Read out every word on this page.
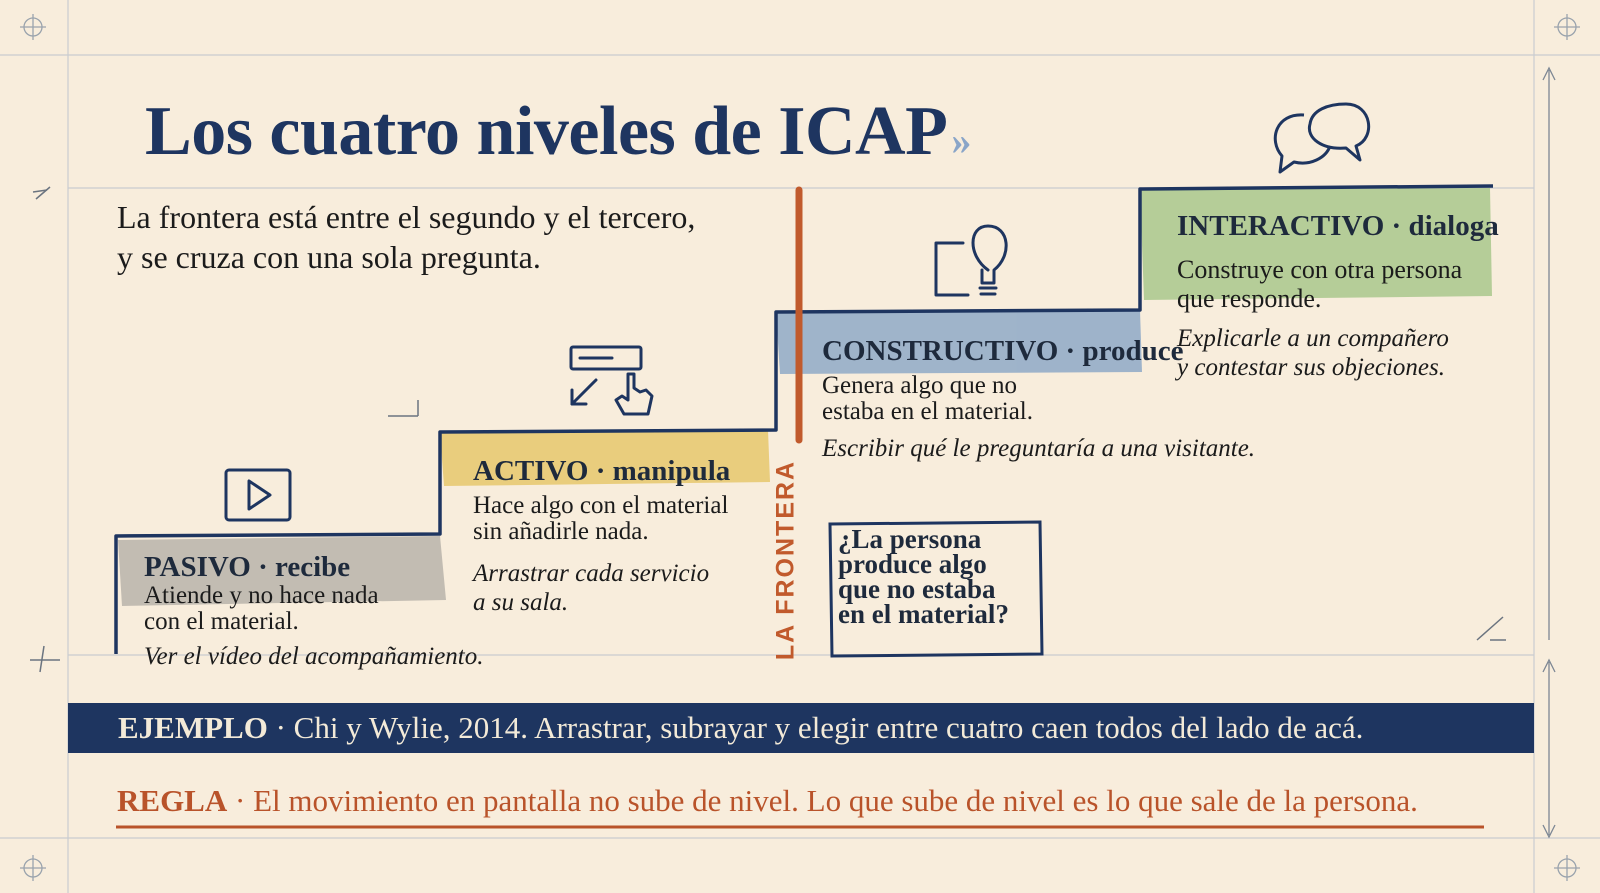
Los cuatro niveles de ICAP »
La frontera está entre el segundo y el tercero,
y se cruza con una sola pregunta.
PASIVO · recibe
Atiende y no hace nada
con el material.
Ver el vídeo del acompañamiento.
ACTIVO · manipula
Hace algo con el material
sin añadirle nada.
Arrastrar cada servicio
a su sala.
CONSTRUCTIVO · produce
Genera algo que no
estaba en el material.
Escribir qué le preguntaría a una visitante.
INTERACTIVO · dialoga
Construye con otra persona
que responde.
Explicarle a un compañero
y contestar sus objeciones.
LA FRONTERA ¿La persona
produce algo
que no estaba
en el material?
EJEMPLO · Chi y Wylie, 2014. Arrastrar, subrayar y elegir entre cuatro caen todos del lado de acá.
REGLA · El movimiento en pantalla no sube de nivel. Lo que sube de nivel es lo que sale de la persona.
